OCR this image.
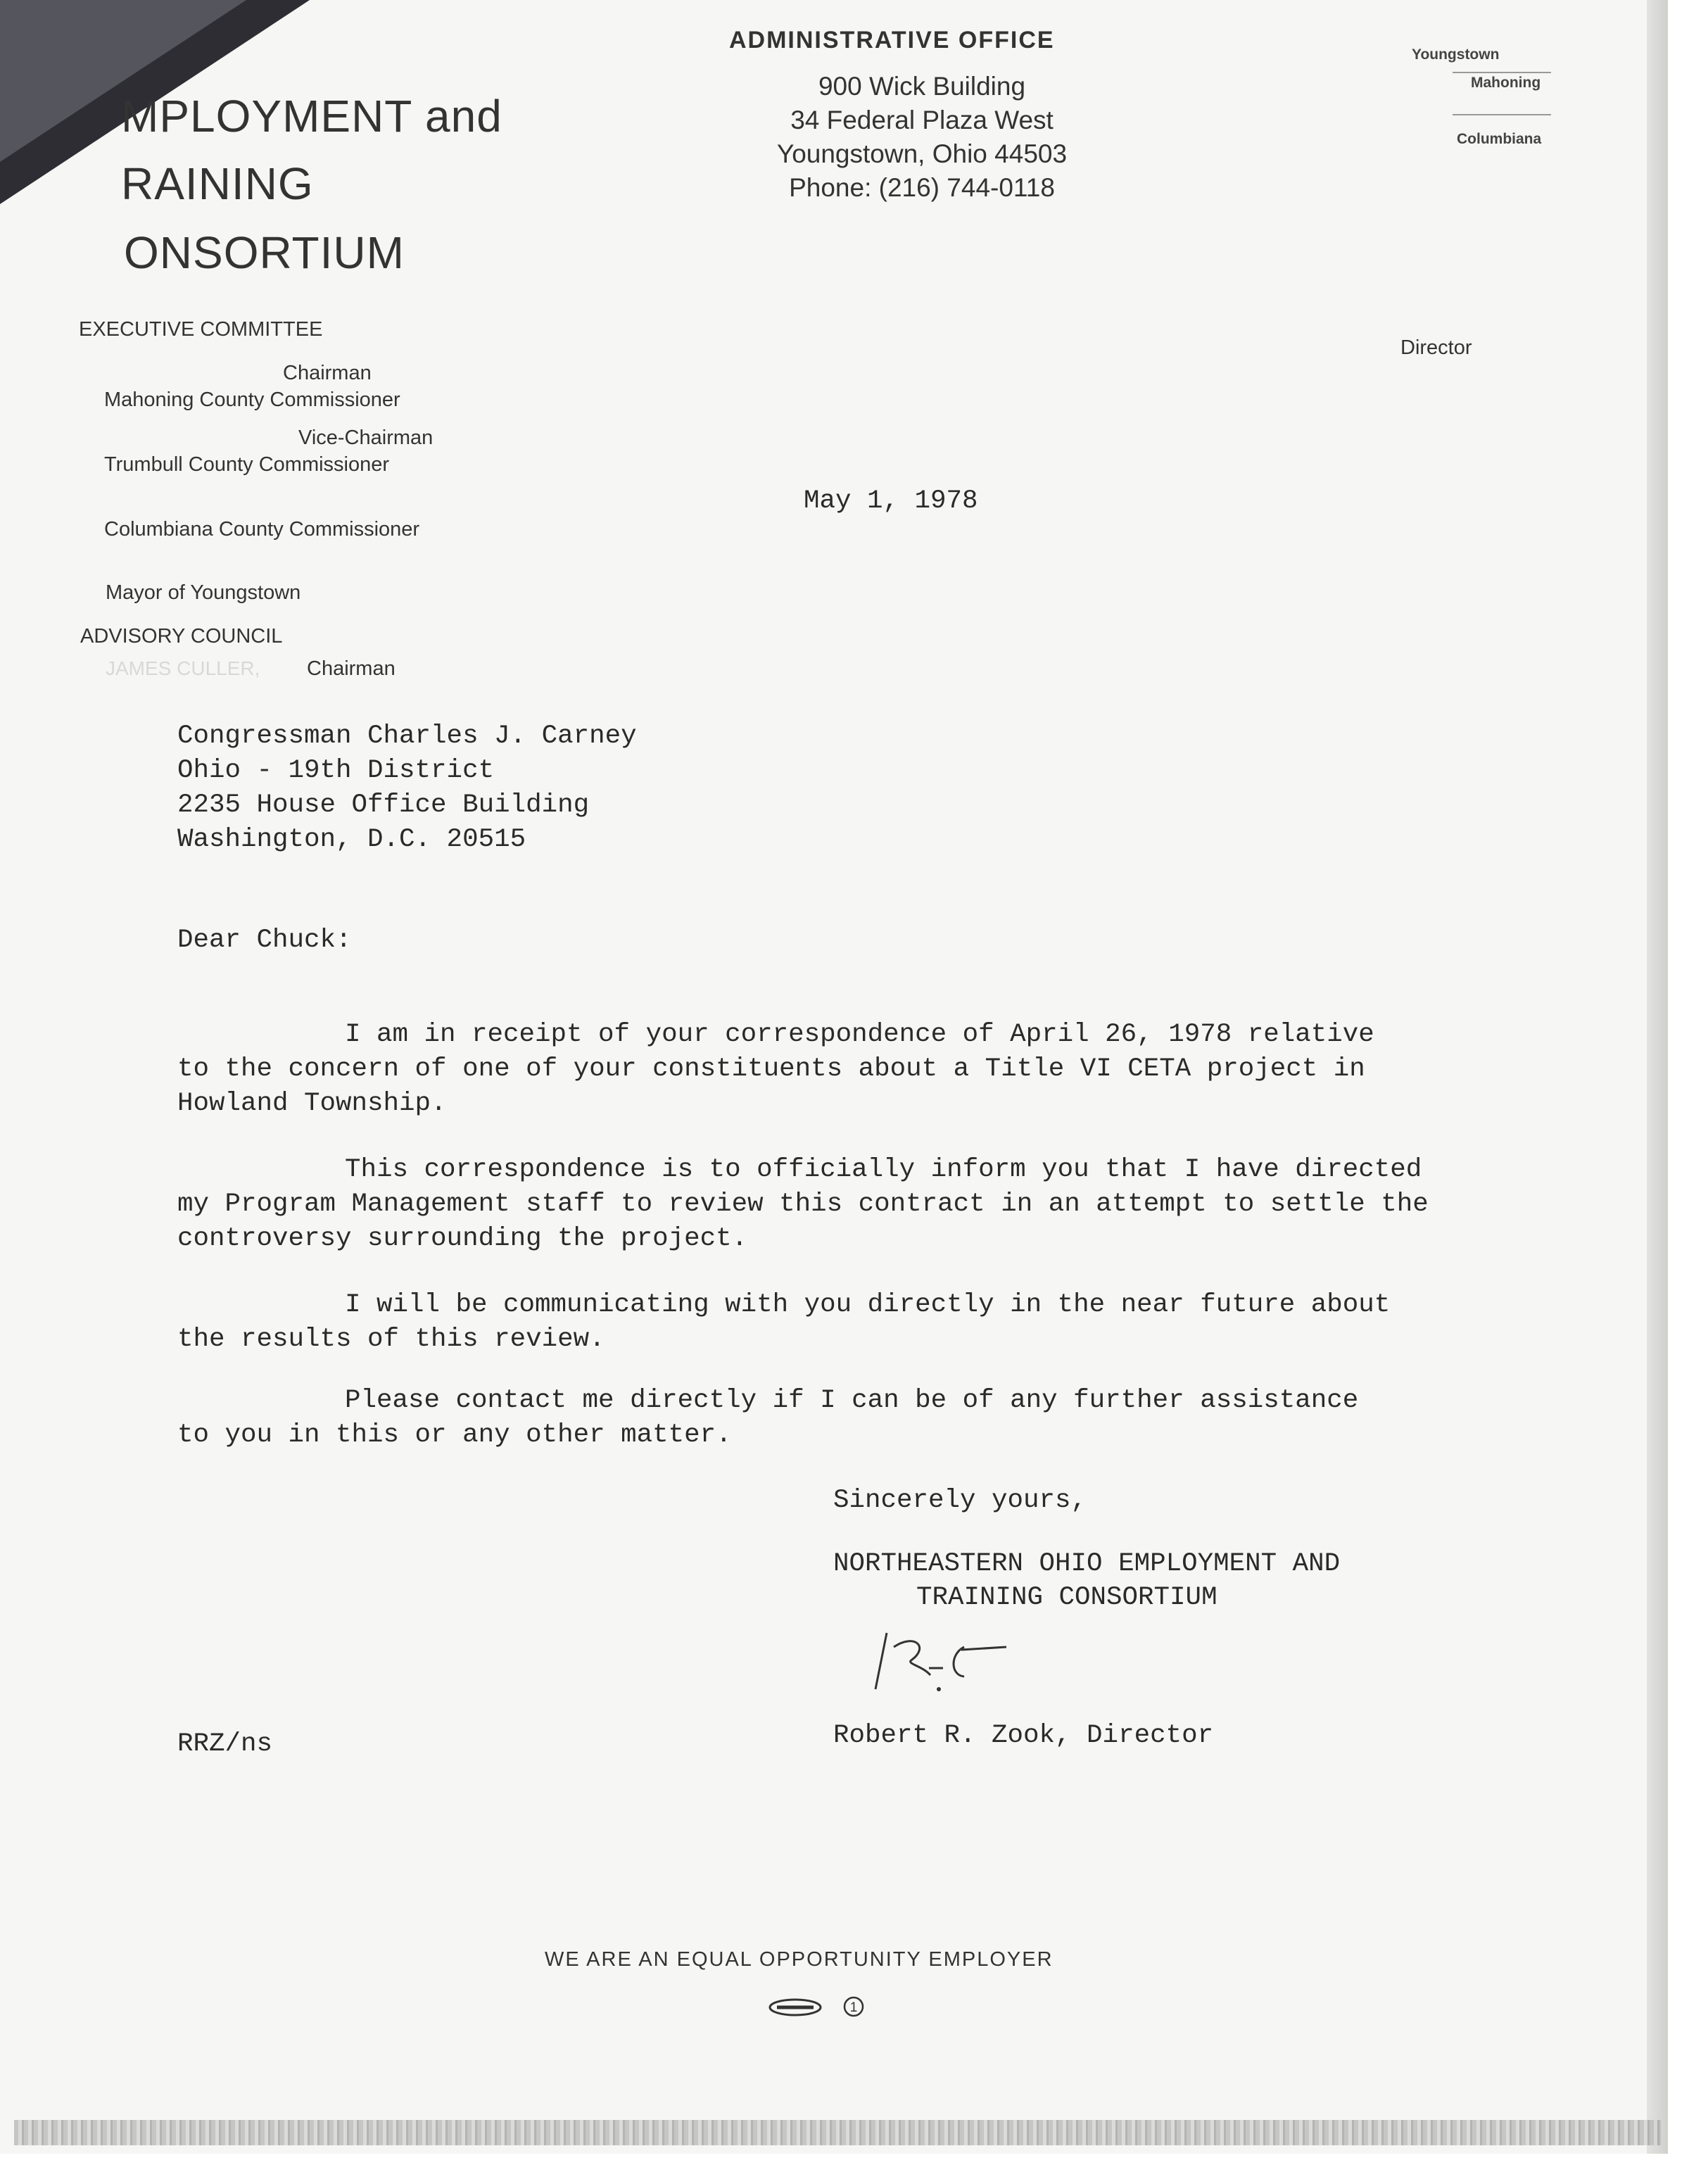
MPLOYMENT and
RAINING
ONSORTIUM
ADMINISTRATIVE OFFICE
900 Wick Building
34 Federal Plaza West
Youngstown, Ohio 44503
Phone: (216) 744-0118
Youngstown
Mahoning
Columbiana
Director
EXECUTIVE COMMITTEE
Chairman
Mahoning County Commissioner
Vice-Chairman
Trumbull County Commissioner
Columbiana County Commissioner
Mayor of Youngstown
ADVISORY COUNCIL
JAMES CULLER, Chairman
May 1, 1978
Congressman Charles J. Carney
Ohio - 19th District
2235 House Office Building
Washington, D.C. 20515
Dear Chuck:
I am in receipt of your correspondence of April 26, 1978 relative
to the concern of one of your constituents about a Title VI CETA project in
Howland Township.
This correspondence is to officially inform you that I have directed
my Program Management staff to review this contract in an attempt to settle the
controversy surrounding the project.
I will be communicating with you directly in the near future about
the results of this review.
Please contact me directly if I can be of any further assistance
to you in this or any other matter.
Sincerely yours,
NORTHEASTERN OHIO EMPLOYMENT AND
TRAINING CONSORTIUM
RRZ/ns	Robert R. Zook, Director
WE ARE AN EQUAL OPPORTUNITY EMPLOYER
1
